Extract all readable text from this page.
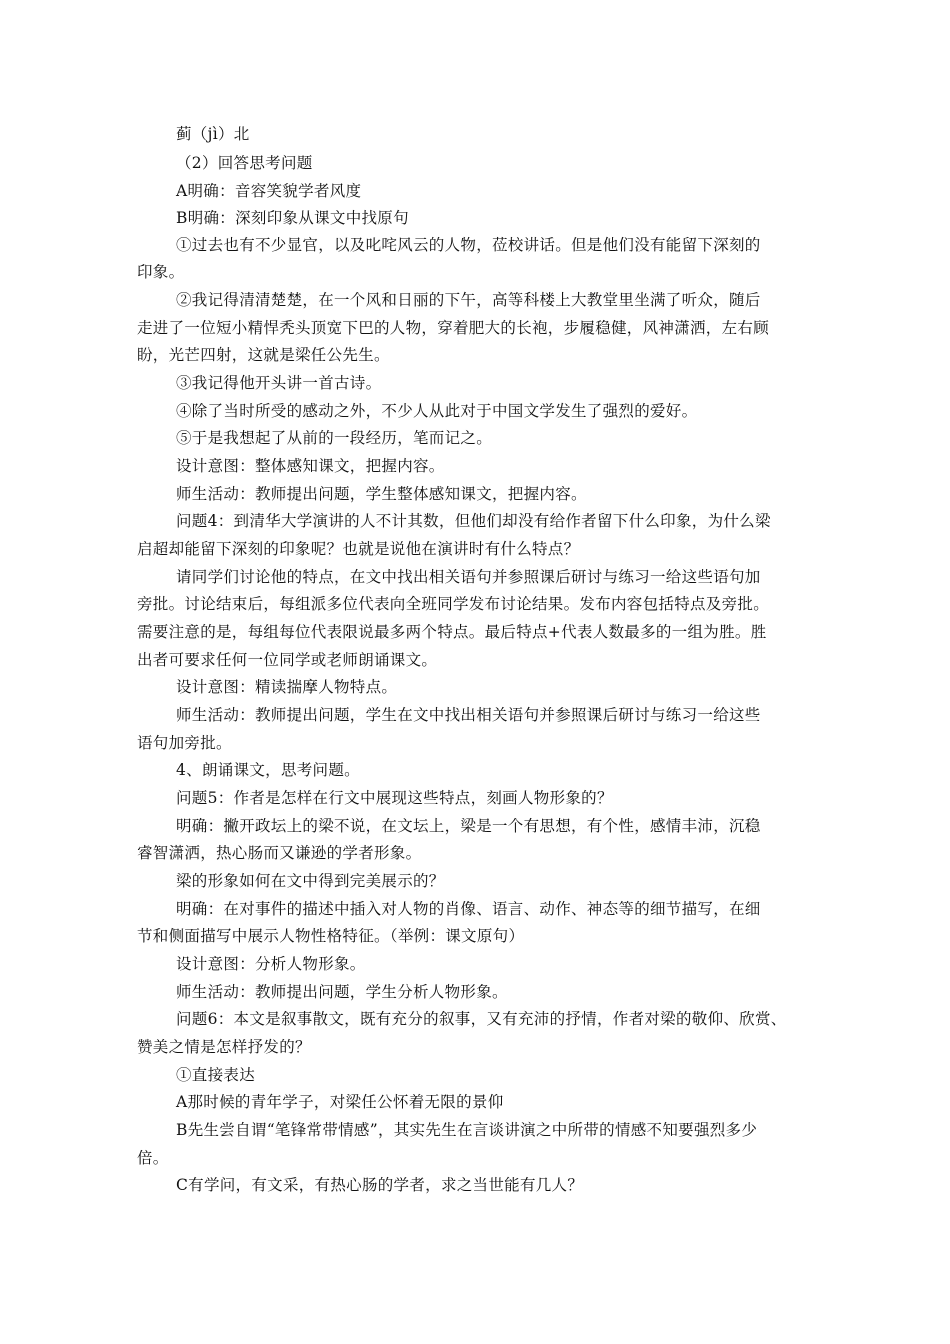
蓟（jì）北
（2）回答思考问题
A明确：音容笑貌学者风度
B明确：深刻印象从课文中找原句
①过去也有不少显官，以及叱咤风云的人物，莅校讲话。但是他们没有能留下深刻的
印象。
②我记得清清楚楚，在一个风和日丽的下午，高等科楼上大教堂里坐满了听众，随后
走进了一位短小精悍秃头顶宽下巴的人物，穿着肥大的长袍，步履稳健，风神潇洒，左右顾
盼，光芒四射，这就是梁任公先生。
③我记得他开头讲一首古诗。
④除了当时所受的感动之外，不少人从此对于中国文学发生了强烈的爱好。
⑤于是我想起了从前的一段经历，笔而记之。
设计意图：整体感知课文，把握内容。
师生活动：教师提出问题，学生整体感知课文，把握内容。
问题4：到清华大学演讲的人不计其数，但他们却没有给作者留下什么印象，为什么梁
启超却能留下深刻的印象呢？也就是说他在演讲时有什么特点？
请同学们讨论他的特点，在文中找出相关语句并参照课后研讨与练习一给这些语句加
旁批。讨论结束后，每组派多位代表向全班同学发布讨论结果。发布内容包括特点及旁批。
需要注意的是，每组每位代表限说最多两个特点。最后特点+代表人数最多的一组为胜。胜
出者可要求任何一位同学或老师朗诵课文。
设计意图：精读揣摩人物特点。
师生活动：教师提出问题，学生在文中找出相关语句并参照课后研讨与练习一给这些
语句加旁批。
4、朗诵课文，思考问题。
问题5：作者是怎样在行文中展现这些特点，刻画人物形象的？
明确：撇开政坛上的梁不说，在文坛上，梁是一个有思想，有个性，感情丰沛，沉稳
睿智潇洒，热心肠而又谦逊的学者形象。
梁的形象如何在文中得到完美展示的？
明确：在对事件的描述中插入对人物的肖像、语言、动作、神态等的细节描写，在细
节和侧面描写中展示人物性格特征。（举例：课文原句）
设计意图：分析人物形象。
师生活动：教师提出问题，学生分析人物形象。
问题6：本文是叙事散文，既有充分的叙事，又有充沛的抒情，作者对梁的敬仰、欣赏、
赞美之情是怎样抒发的？
①直接表达
A那时候的青年学子，对梁任公怀着无限的景仰
B先生尝自谓“笔锋常带情感”，其实先生在言谈讲演之中所带的情感不知要强烈多少
倍。
C有学问，有文采，有热心肠的学者，求之当世能有几人？
